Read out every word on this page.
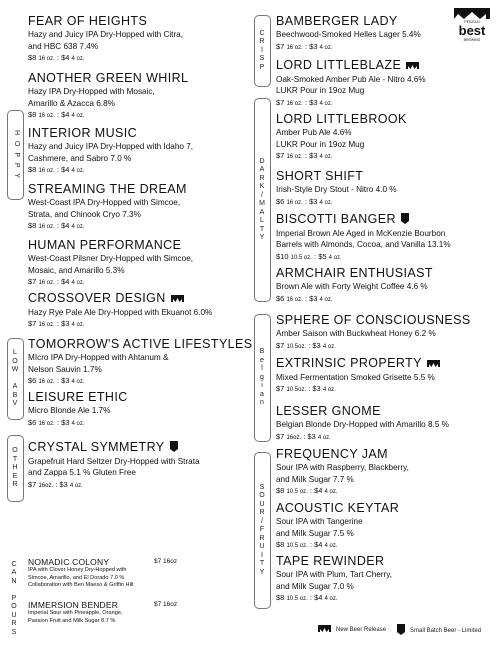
PEEZOAI
best
BREWING
H O P P Y
L
O
W

A
B
V
O
T
H
E
R
C
A
N

P
O
U
R
S
C
R
I
S
P
D
A
R
K
/
M
A
L
T
Y
B
e
l
g
i
a
n
S
O
U
R
/
F
R
U
I
T
Y
FEAR OF HEIGHTS
Hazy and Juicy IPA Dry-Hopped with Citra,
and HBC 638 7.4%
$8 16 oz. : $4 4 oz.
ANOTHER GREEN WHIRL
Hazy IPA Dry-Hopped with Mosaic,
Amarillo & Azacca 6.8%
$8 16 oz. : $4 4 oz.
INTERIOR MUSIC
Hazy and Juicy IPA Dry-Hopped with Idaho 7,
Cashmere, and Sabro 7.0 %
$8 16 oz. : $4 4 oz.
STREAMING THE DREAM
West-Coast IPA Dry-Hopped with Simcoe,
Strata, and Chinook Cryo 7.3%
$8 16 oz. : $4 4 oz.
HUMAN PERFORMANCE
West-Coast Pilsner Dry-Hopped with Simcoe,
Mosaic, and Amarillo 5.3%
$7 16 oz. : $4 4 oz.
CROSSOVER DESIGN
Hazy Rye Pale Ale Dry-Hopped with Ekuanot 6.0%
$7 16 oz. : $3 4 oz.
TOMORROW'S ACTIVE LIFESTYLES
MIcro IPA Dry-Hopped with Ahtanum &
Nelson Sauvin 1.7%
$6 16 oz. : $3 4 oz.
LEISURE ETHIC
Micro Blonde Ale 1.7%
$6 16 oz. : $3 4 oz.
CRYSTAL SYMMETRY
Grapefruit Hard Seltzer Dry-Hopped with Strata
and Zappa 5.1 % Gluten Free
$7 16oz. : $3 4 oz.
BAMBERGER LADY
Beechwood-Smoked Helles Lager 5.4%
$7 16 oz. : $3 4 oz.
LORD LITTLEBLAZE
Oak-Smoked Amber Pub Ale - Nitro 4.6%
LUKR Pour in 19oz Mug
$7 16 oz. : $3 4 oz.
LORD LITTLEBROOK
Amber Pub Ale 4.6%
LUKR Pour in 19oz Mug
$7 16 oz. : $3 4 oz.
SHORT SHIFT
Irish-Style Dry Stout - Nitro 4.0 %
$6 16 oz. : $3 4 oz.
BISCOTTI BANGER
Imperial Brown Ale Aged in McKenzie Bourbon
Barrels with Almonds, Cocoa, and Vanilla 13.1%
$10 10.5 oz. : $5 4 oz.
ARMCHAIR ENTHUSIAST
Brown Ale with Forty Weight Coffee 4.6 %
$6 16 oz. : $3 4 oz.
SPHERE OF CONSCIOUSNESS
Amber Saison with Buckwheat Honey 6.2 %
$7 10.5oz. : $3 4 oz.
EXTRINSIC PROPERTY
Mixed Fermentation Smoked Grisette 5.5 %
$7 10.5oz. : $3 4 oz.
LESSER GNOME
Belgian Blonde Dry-Hopped with Amarillo 8.5 %
$7 16oz. : $3 4 oz.
FREQUENCY JAM
Sour IPA with Raspberry, Blackberry,
and Milk Sugar 7.7 %
$8 10.5 oz. : $4 4 oz.
ACOUSTIC KEYTAR
Sour IPA with Tangerine
and Milk Sugar 7.5 %
$8 10.5 oz. : $4 4 oz.
TAPE REWINDER
Sour IPA with Plum, Tart Cherry,
and Milk Sugar 7.0 %
$8 10.5 oz. : $4 4 oz.
NOMADIC COLONY	$7 16oz
IPA with Clover Honey Dry-Hopped with
Simcoe, Amarillo, and El Dorado 7.0 %
Collaboration with Ben Maeso & Griffin Hill
IMMERSION BENDER	$7 16oz
Imperial Sour with Pineapple, Orange,
Passion Fruit and Milk Sugar 8.7 %
New Beer Release	Small Batch Beer - Limited
